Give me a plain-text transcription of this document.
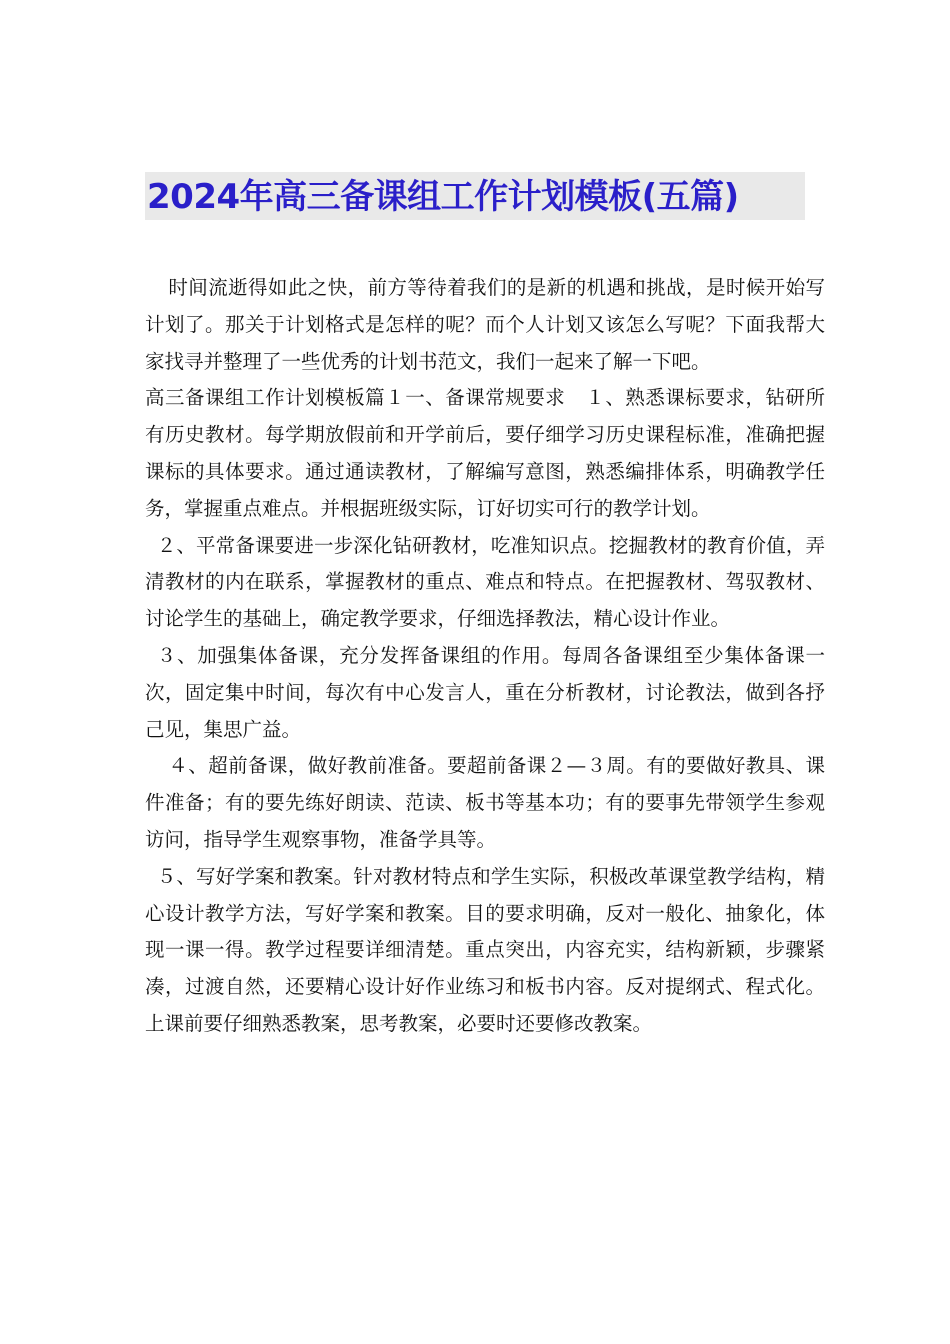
2024年高三备课组工作计划模板(五篇)

时间流逝得如此之快，前方等待着我们的是新的机遇和挑战，是时候开始写计划了。那关于计划格式是怎样的呢？而个人计划又该怎么写呢？下面我帮大家找寻并整理了一些优秀的计划书范文，我们一起来了解一下吧。

高三备课组工作计划模板篇１一、备课常规要求　１、熟悉课标要求，钻研所有历史教材。每学期放假前和开学前后，要仔细学习历史课程标准，准确把握课标的具体要求。通过通读教材，了解编写意图，熟悉编排体系，明确教学任务，掌握重点难点。并根据班级实际，订好切实可行的教学计划。

２、平常备课要进一步深化钻研教材，吃准知识点。挖掘教材的教育价值，弄清教材的内在联系，掌握教材的重点、难点和特点。在把握教材、驾驭教材、讨论学生的基础上，确定教学要求，仔细选择教法，精心设计作业。

３、加强集体备课，充分发挥备课组的作用。每周各备课组至少集体备课一次，固定集中时间，每次有中心发言人，重在分析教材，讨论教法，做到各抒己见，集思广益。

４、超前备课，做好教前准备。要超前备课２—３周。有的要做好教具、课件准备；有的要先练好朗读、范读、板书等基本功；有的要事先带领学生参观访问，指导学生观察事物，准备学具等。

５、写好学案和教案。针对教材特点和学生实际，积极改革课堂教学结构，精心设计教学方法，写好学案和教案。目的要求明确，反对一般化、抽象化，体现一课一得。教学过程要详细清楚。重点突出，内容充实，结构新颖，步骤紧凑，过渡自然，还要精心设计好作业练习和板书内容。反对提纲式、程式化。上课前要仔细熟悉教案，思考教案，必要时还要修改教案。
